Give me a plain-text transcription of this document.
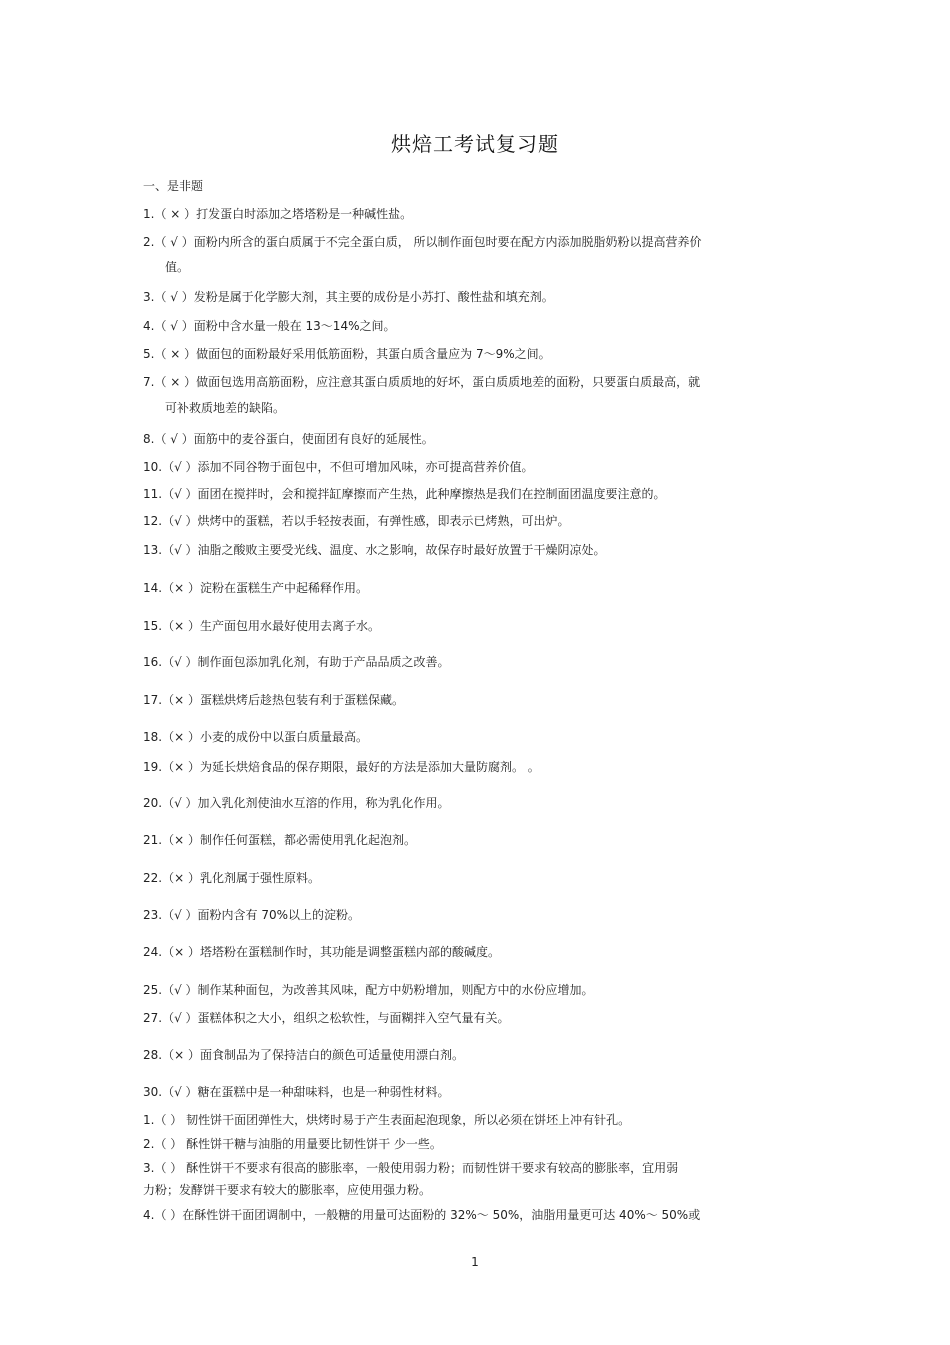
烘焙工考试复习题
一、是非题
1.（ × ）打发蛋白时添加之塔塔粉是一种碱性盐。
2.（ √ ）面粉内所含的蛋白质属于不完全蛋白质， 所以制作面包时要在配方内添加脱脂奶粉以提高营养价
值。
3.（ √ ）发粉是属于化学膨大剂，其主要的成份是小苏打、酸性盐和填充剂。
4.（ √ ）面粉中含水量一般在 13～14%之间。
5.（ × ）做面包的面粉最好采用低筋面粉，其蛋白质含量应为 7～9%之间。
7.（ × ）做面包选用高筋面粉，应注意其蛋白质质地的好坏，蛋白质质地差的面粉，只要蛋白质最高，就
可补救质地差的缺陷。
8.（ √ ）面筋中的麦谷蛋白，使面团有良好的延展性。
10.（√ ）添加不同谷物于面包中，不但可增加风味，亦可提高营养价值。
11.（√ ）面团在搅拌时，会和搅拌缸摩擦而产生热，此种摩擦热是我们在控制面团温度要注意的。
12.（√ ）烘烤中的蛋糕，若以手轻按表面，有弹性感，即表示已烤熟，可出炉。
13.（√ ）油脂之酸败主要受光线、温度、水之影响，故保存时最好放置于干燥阴凉处。
14.（× ）淀粉在蛋糕生产中起稀释作用。
15.（× ）生产面包用水最好使用去离子水。
16.（√ ）制作面包添加乳化剂，有助于产品品质之改善。
17.（× ）蛋糕烘烤后趁热包装有利于蛋糕保藏。
18.（× ）小麦的成份中以蛋白质量最高。
19.（× ）为延长烘焙食品的保存期限，最好的方法是添加大量防腐剂。 。
20.（√ ）加入乳化剂使油水互溶的作用，称为乳化作用。
21.（× ）制作任何蛋糕，都必需使用乳化起泡剂。
22.（× ）乳化剂属于强性原料。
23.（√ ）面粉内含有 70%以上的淀粉。
24.（× ）塔塔粉在蛋糕制作时，其功能是调整蛋糕内部的酸碱度。
25.（√ ）制作某种面包，为改善其风味，配方中奶粉增加，则配方中的水份应增加。
27.（√ ）蛋糕体积之大小，组织之松软性，与面糊拌入空气量有关。
28.（× ）面食制品为了保持洁白的颜色可适量使用漂白剂。
30.（√ ）糖在蛋糕中是一种甜味料，也是一种弱性材料。
1.（ ） 韧性饼干面团弹性大，烘烤时易于产生表面起泡现象，所以必须在饼坯上冲有针孔。
2.（ ） 酥性饼干糖与油脂的用量要比韧性饼干 少一些。
3.（ ） 酥性饼干不要求有很高的膨胀率，一般使用弱力粉；而韧性饼干要求有较高的膨胀率，宜用弱
力粉；发酵饼干要求有较大的膨胀率，应使用强力粉。
4.（ ）在酥性饼干面团调制中，一般糖的用量可达面粉的 32%～ 50%，油脂用量更可达 40%～ 50%或
1
